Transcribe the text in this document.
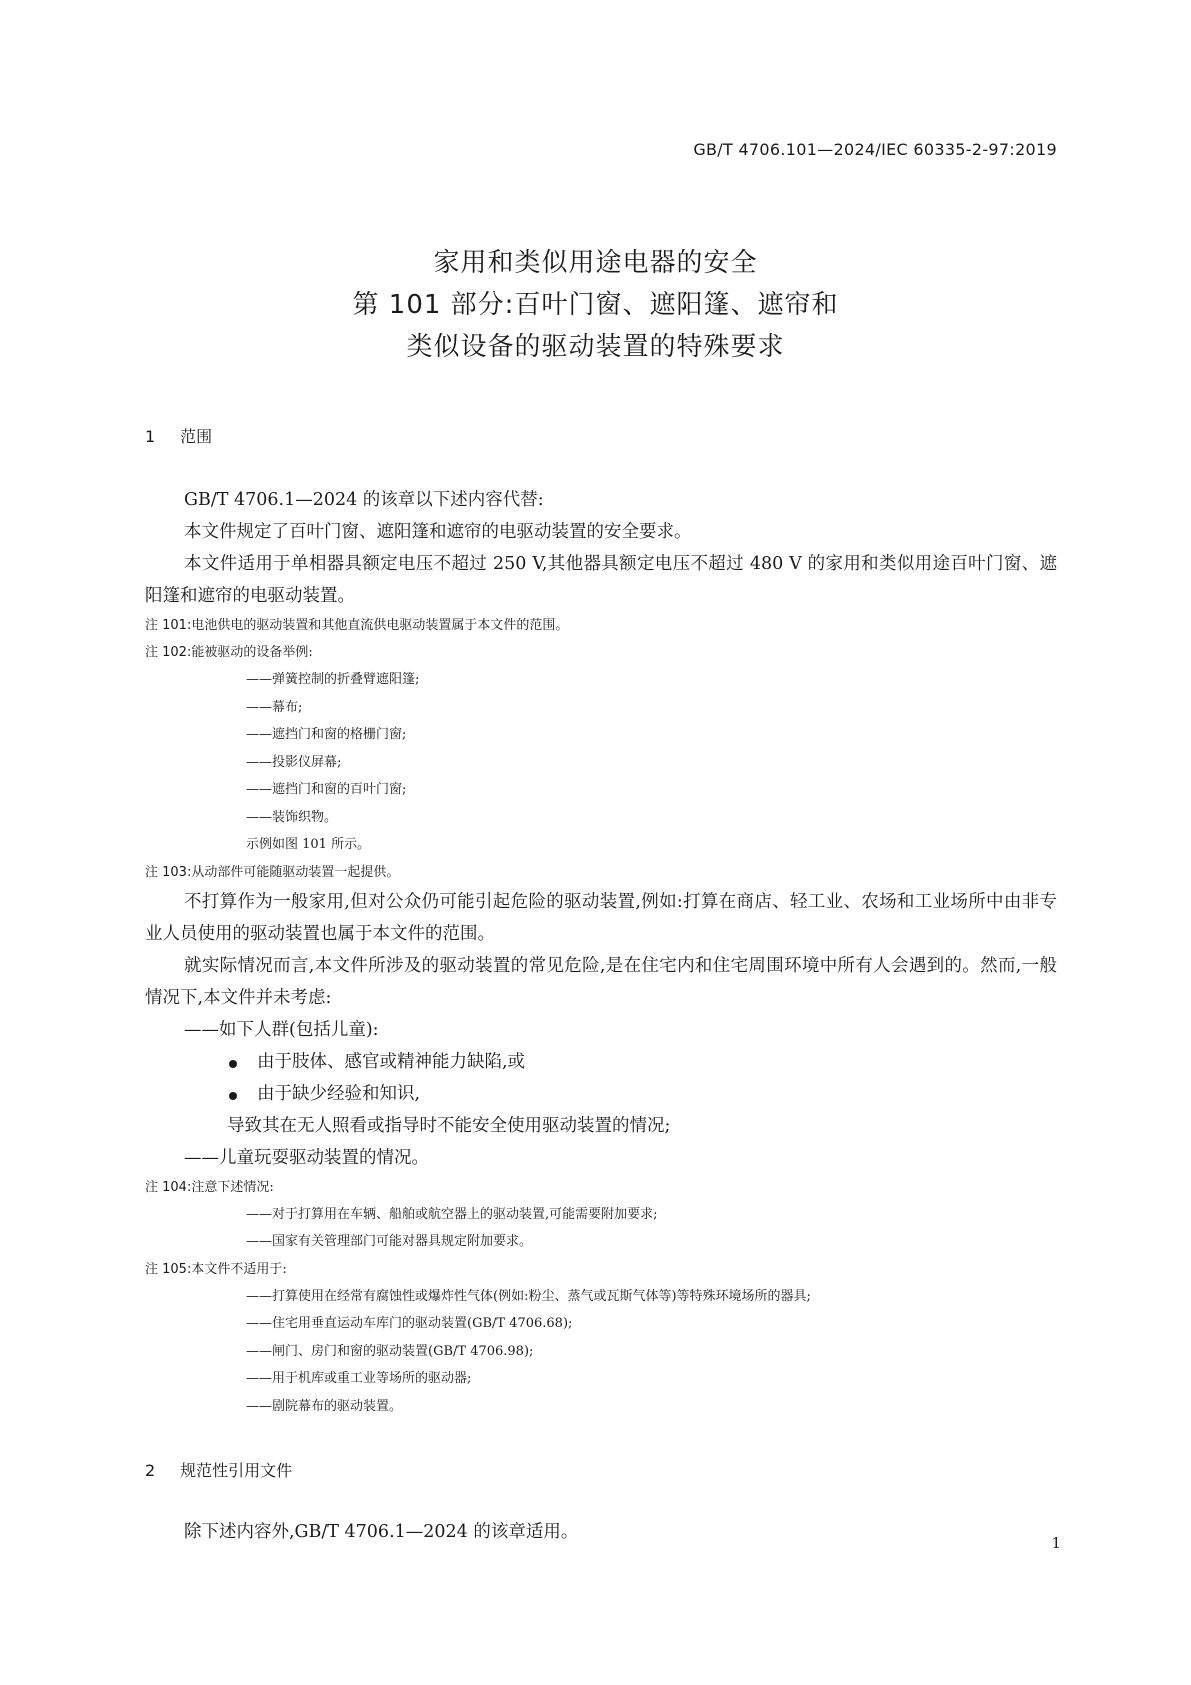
GB/T 4706.101—2024/IEC 60335-2-97:2019
家用和类似用途电器的安全
第 101 部分:百叶门窗、遮阳篷、遮帘和
类似设备的驱动装置的特殊要求
1 范围

GB/T 4706.1—2024 的该章以下述内容代替:

本文件规定了百叶门窗、遮阳篷和遮帘的电驱动装置的安全要求。

本文件适用于单相器具额定电压不超过 250 V,其他器具额定电压不超过 480 V 的家用和类似用途百叶门窗、遮阳篷和遮帘的电驱动装置。

注 101:电池供电的驱动装置和其他直流供电驱动装置属于本文件的范围。

注 102:能被驱动的设备举例:

——弹簧控制的折叠臂遮阳篷;

——幕布;

——遮挡门和窗的格栅门窗;

——投影仪屏幕;

——遮挡门和窗的百叶门窗;

——装饰织物。

示例如图 101 所示。

注 103:从动部件可能随驱动装置一起提供。

不打算作为一般家用,但对公众仍可能引起危险的驱动装置,例如:打算在商店、轻工业、农场和工业场所中由非专业人员使用的驱动装置也属于本文件的范围。

就实际情况而言,本文件所涉及的驱动装置的常见危险,是在住宅内和住宅周围环境中所有人会遇到的。然而,一般情况下,本文件并未考虑:

——如下人群(包括儿童):

由于肢体、感官或精神能力缺陷,或

由于缺少经验和知识,

导致其在无人照看或指导时不能安全使用驱动装置的情况;

——儿童玩耍驱动装置的情况。

注 104:注意下述情况:

——对于打算用在车辆、船舶或航空器上的驱动装置,可能需要附加要求;

——国家有关管理部门可能对器具规定附加要求。

注 105:本文件不适用于:

——打算使用在经常有腐蚀性或爆炸性气体(例如:粉尘、蒸气或瓦斯气体等)等特殊环境场所的器具;

——住宅用垂直运动车库门的驱动装置(GB/T 4706.68);

——闸门、房门和窗的驱动装置(GB/T 4706.98);

——用于机库或重工业等场所的驱动器;

——剧院幕布的驱动装置。

2 规范性引用文件

除下述内容外,GB/T 4706.1—2024 的该章适用。

1
